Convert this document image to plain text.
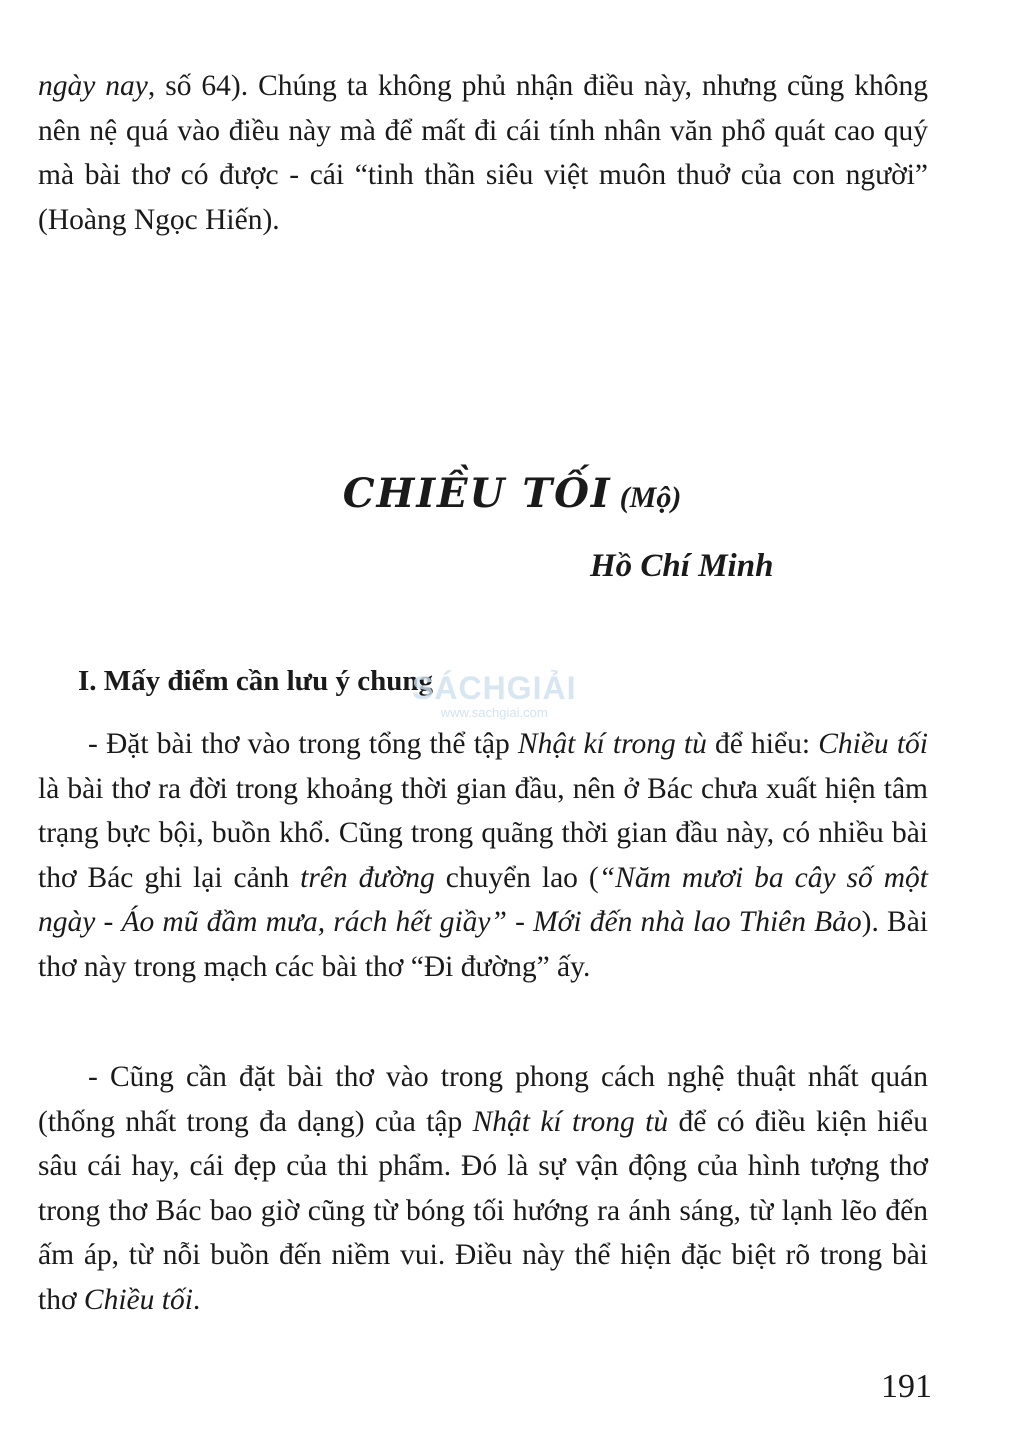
ngày nay, số 64). Chúng ta không phủ nhận điều này, nhưng cũng không nên nệ quá vào điều này mà để mất đi cái tính nhân văn phổ quát cao quý mà bài thơ có được - cái “tinh thần siêu việt muôn thuở của con người” (Hoàng Ngọc Hiến).

CHIỀU TỐI (Mộ)

Hồ Chí Minh

I. Mấy điểm cần lưu ý chung
SÁCHGIẢI
www.sachgiai.com

- Đặt bài thơ vào trong tổng thể tập Nhật kí trong tù để hiểu: Chiều tối là bài thơ ra đời trong khoảng thời gian đầu, nên ở Bác chưa xuất hiện tâm trạng bực bội, buồn khổ. Cũng trong quãng thời gian đầu này, có nhiều bài thơ Bác ghi lại cảnh trên đường chuyển lao (“Năm mươi ba cây số một ngày - Áo mũ đầm mưa, rách hết giầy” - Mới đến nhà lao Thiên Bảo). Bài thơ này trong mạch các bài thơ “Đi đường” ấy.

- Cũng cần đặt bài thơ vào trong phong cách nghệ thuật nhất quán (thống nhất trong đa dạng) của tập Nhật kí trong tù để có điều kiện hiểu sâu cái hay, cái đẹp của thi phẩm. Đó là sự vận động của hình tượng thơ trong thơ Bác bao giờ cũng từ bóng tối hướng ra ánh sáng, từ lạnh lẽo đến ấm áp, từ nỗi buồn đến niềm vui. Điều này thể hiện đặc biệt rõ trong bài thơ Chiều tối.

191
